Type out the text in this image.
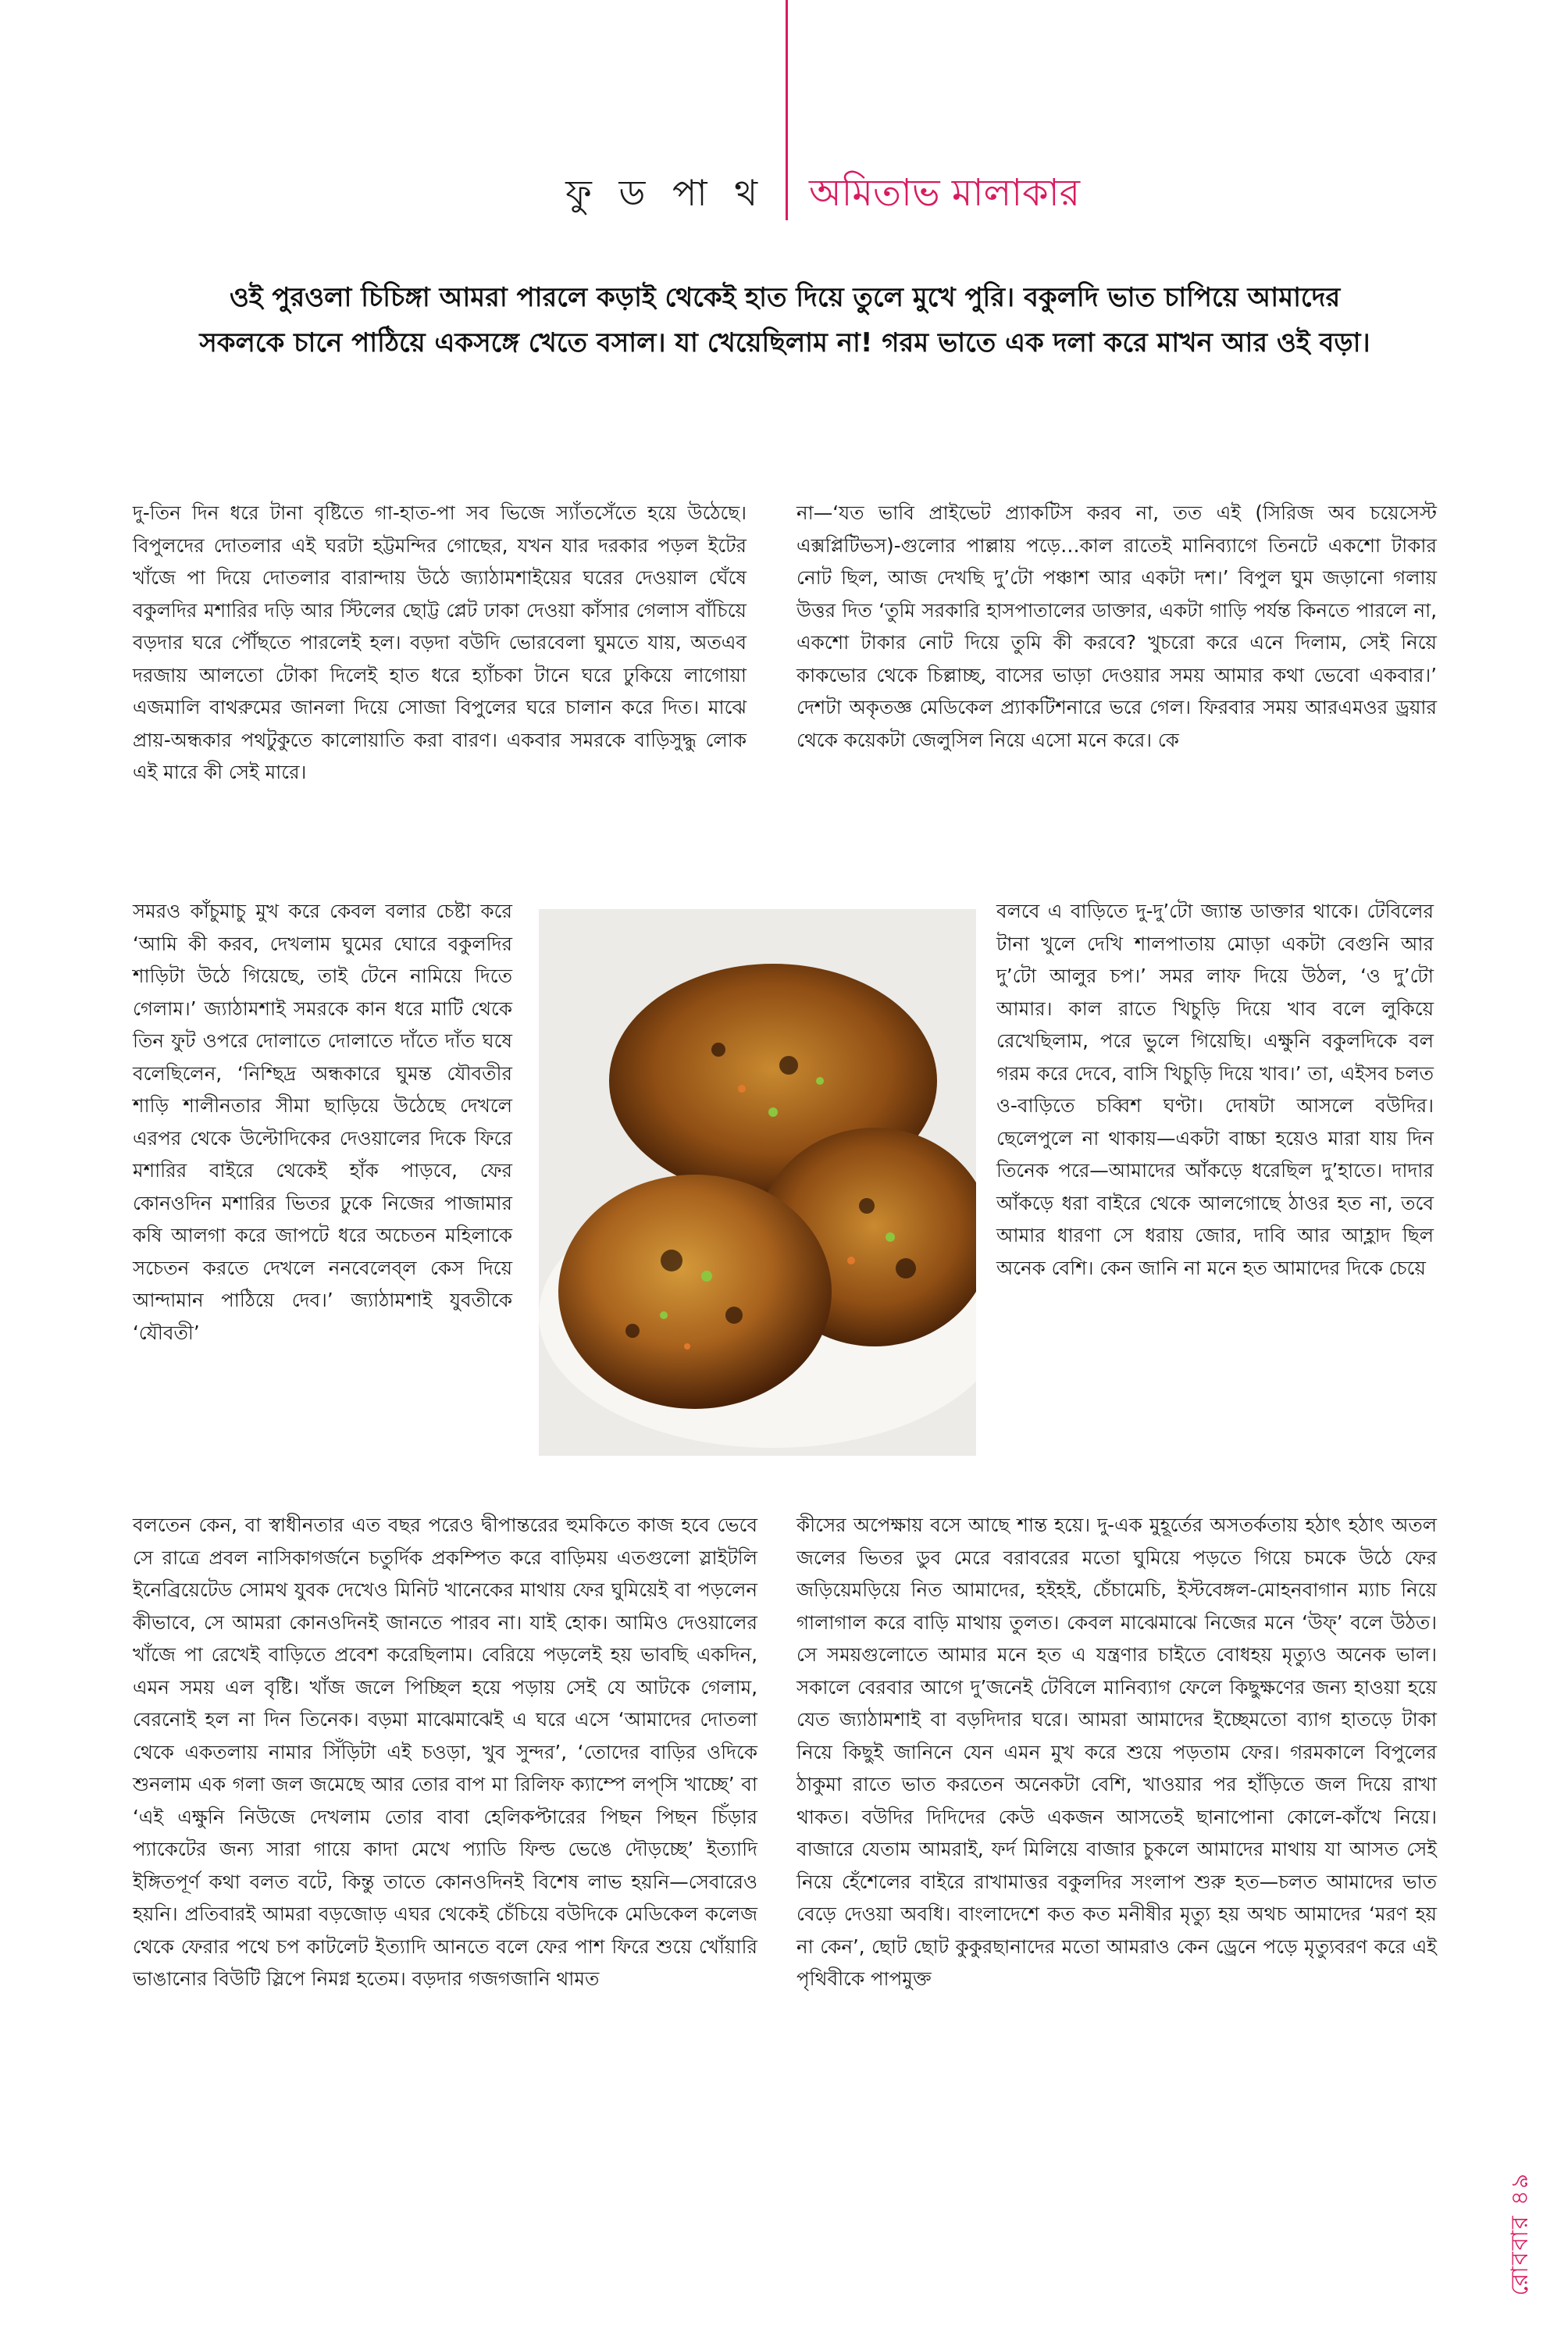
ফু ড পা থ অমিতাভ মালাকার
ওই পুরওলা চিচিঙ্গা আমরা পারলে কড়াই থেকেই হাত দিয়ে তুলে মুখে পুরি। বকুলদি ভাত চাপিয়ে আমাদের সকলকে চানে পাঠিয়ে একসঙ্গে খেতে বসাল। যা খেয়েছিলাম না! গরম ভাতে এক দলা করে মাখন আর ওই বড়া।

দু-তিন দিন ধরে টানা বৃষ্টিতে গা-হাত-পা সব ভিজে স্যাঁতসেঁতে হয়ে উঠেছে। বিপুলদের দোতলার এই ঘরটা হট্টমন্দির গোছের, যখন যার দরকার পড়ল ইটের খাঁজে পা দিয়ে দোতলার বারান্দায় উঠে জ্যাঠামশাইয়ের ঘরের দেওয়াল ঘেঁষে বকুলদির মশারির দড়ি আর স্টিলের ছোট্ট প্লেট ঢাকা দেওয়া কাঁসার গেলাস বাঁচিয়ে বড়দার ঘরে পৌঁছতে পারলেই হল। বড়দা বউদি ভোরবেলা ঘুমতে যায়, অতএব দরজায় আলতো টোকা দিলেই হাত ধরে হ্যাঁচকা টানে ঘরে ঢুকিয়ে লাগোয়া এজমালি বাথরুমের জানলা দিয়ে সোজা বিপুলের ঘরে চালান করে দিত। মাঝে প্রায়-অন্ধকার পথটুকুতে কালোয়াতি করা বারণ। একবার সমরকে বাড়িসুদ্ধু লোক এই মারে কী সেই মারে।

সমরও কাঁচুমাচু মুখ করে কেবল বলার চেষ্টা করে ‘আমি কী করব, দেখলাম ঘুমের ঘোরে বকুলদির শাড়িটা উঠে গিয়েছে, তাই টেনে নামিয়ে দিতে গেলাম।’ জ্যাঠামশাই সমরকে কান ধরে মাটি থেকে তিন ফুট ওপরে দোলাতে দোলাতে দাঁতে দাঁত ঘষে বলেছিলেন, ‘নিশ্ছিদ্র অন্ধকারে ঘুমন্ত যৌবতীর শাড়ি শালীনতার সীমা ছাড়িয়ে উঠেছে দেখলে এরপর থেকে উল্টোদিকের দেওয়ালের দিকে ফিরে মশারির বাইরে থেকেই হাঁক পাড়বে, ফের কোনওদিন মশারির ভিতর ঢুকে নিজের পাজামার কষি আলগা করে জাপটে ধরে অচেতন মহিলাকে সচেতন করতে দেখলে ননবেলেব্‌ল কেস দিয়ে আন্দামান পাঠিয়ে দেব।’ জ্যাঠামশাই যুবতীকে ‘যৌবতী’

বলতেন কেন, বা স্বাধীনতার এত বছর পরেও দ্বীপান্তরের হুমকিতে কাজ হবে ভেবে সে রাত্রে প্রবল নাসিকাগর্জনে চতুর্দিক প্রকম্পিত করে বাড়িময় এতগুলো স্লাইটলি ইনেব্রিয়েটেড সোমথ যুবক দেখেও মিনিট খানেকের মাথায় ফের ঘুমিয়েই বা পড়লেন কীভাবে, সে আমরা কোনওদিনই জানতে পারব না। যাই হোক। আমিও দেওয়ালের খাঁজে পা রেখেই বাড়িতে প্রবেশ করেছিলাম। বেরিয়ে পড়লেই হয় ভাবছি একদিন, এমন সময় এল বৃষ্টি। খাঁজ জলে পিচ্ছিল হয়ে পড়ায় সেই যে আটকে গেলাম, বেরনোই হল না দিন তিনেক। বড়মা মাঝেমাঝেই এ ঘরে এসে ‘আমাদের দোতলা থেকে একতলায় নামার সিঁড়িটা এই চওড়া, খুব সুন্দর’, ‘তোদের বাড়ির ওদিকে শুনলাম এক গলা জল জমেছে আর তোর বাপ মা রিলিফ ক্যাম্পে লপ্‌সি খাচ্ছে’ বা ‘এই এক্ষুনি নিউজে দেখলাম তোর বাবা হেলিকপ্টারের পিছন পিছন চিঁড়ার প্যাকেটের জন্য সারা গায়ে কাদা মেখে প্যাডি ফিল্ড ভেঙে দৌড়চ্ছে’ ইত্যাদি ইঙ্গিতপূর্ণ কথা বলত বটে, কিন্তু তাতে কোনওদিনই বিশেষ লাভ হয়নি—সেবারেও হয়নি। প্রতিবারই আমরা বড়জোড় এঘর থেকেই চেঁচিয়ে বউদিকে মেডিকেল কলেজ থেকে ফেরার পথে চপ কাটলেট ইত্যাদি আনতে বলে ফের পাশ ফিরে শুয়ে খোঁয়ারি ভাঙানোর বিউটি স্লিপে নিমগ্ন হতেম। বড়দার গজগজানি থামত

না—‘যত ভাবি প্রাইভেট প্র্যাকটিস করব না, তত এই (সিরিজ অব চয়েসেস্ট এক্সপ্লিটিভস)-গুলোর পাল্লায় পড়ে…কাল রাতেই মানিব্যাগে তিনটে একশো টাকার নোট ছিল, আজ দেখছি দু’টো পঞ্চাশ আর একটা দশ।’ বিপুল ঘুম জড়ানো গলায় উত্তর দিত ‘তুমি সরকারি হাসপাতালের ডাক্তার, একটা গাড়ি পর্যন্ত কিনতে পারলে না, একশো টাকার নোট দিয়ে তুমি কী করবে? খুচরো করে এনে দিলাম, সেই নিয়ে কাকভোর থেকে চিল্লাচ্ছ, বাসের ভাড়া দেওয়ার সময় আমার কথা ভেবো একবার।’ দেশটা অকৃতজ্ঞ মেডিকেল প্র্যাকটিশনারে ভরে গেল। ফিরবার সময় আরএমওর ড্রয়ার থেকে কয়েকটা জেলুসিল নিয়ে এসো মনে করে। কে

বলবে এ বাড়িতে দু-দু’টো জ্যান্ত ডাক্তার থাকে। টেবিলের টানা খুলে দেখি শালপাতায় মোড়া একটা বেগুনি আর দু’টো আলুর চপ।’ সমর লাফ দিয়ে উঠল, ‘ও দু’টো আমার। কাল রাতে খিচুড়ি দিয়ে খাব বলে লুকিয়ে রেখেছিলাম, পরে ভুলে গিয়েছি। এক্ষুনি বকুলদিকে বল গরম করে দেবে, বাসি খিচুড়ি দিয়ে খাব।’ তা, এইসব চলত ও-বাড়িতে চব্বিশ ঘণ্টা। দোষটা আসলে বউদির। ছেলেপুলে না থাকায়—একটা বাচ্চা হয়েও মারা যায় দিন তিনেক পরে—আমাদের আঁকড়ে ধরেছিল দু’হাতে। দাদার আঁকড়ে ধরা বাইরে থেকে আলগোছে ঠাওর হত না, তবে আমার ধারণা সে ধরায় জোর, দাবি আর আহ্লাদ ছিল অনেক বেশি। কেন জানি না মনে হত আমাদের দিকে চেয়ে

কীসের অপেক্ষায় বসে আছে শান্ত হয়ে। দু-এক মুহূর্তের অসতর্কতায় হঠাৎ হঠাৎ অতল জলের ভিতর ডুব মেরে বরাবরের মতো ঘুমিয়ে পড়তে গিয়ে চমকে উঠে ফের জড়িয়েমড়িয়ে নিত আমাদের, হইহই, চেঁচামেচি, ইস্টবেঙ্গল-মোহনবাগান ম্যাচ নিয়ে গালাগাল করে বাড়ি মাথায় তুলত। কেবল মাঝেমাঝে নিজের মনে ‘উফ্‌’ বলে উঠত। সে সময়গুলোতে আমার মনে হত এ যন্ত্রণার চাইতে বোধহয় মৃত্যুও অনেক ভাল। সকালে বেরবার আগে দু’জনেই টেবিলে মানিব্যাগ ফেলে কিছুক্ষণের জন্য হাওয়া হয়ে যেত জ্যাঠামশাই বা বড়দিদার ঘরে। আমরা আমাদের ইচ্ছেমতো ব্যাগ হাতড়ে টাকা নিয়ে কিছুই জানিনে যেন এমন মুখ করে শুয়ে পড়তাম ফের। গরমকালে বিপুলের ঠাকুমা রাতে ভাত করতেন অনেকটা বেশি, খাওয়ার পর হাঁড়িতে জল দিয়ে রাখা থাকত। বউদির দিদিদের কেউ একজন আসতেই ছানাপোনা কোলে-কাঁখে নিয়ে। বাজারে যেতাম আমরাই, ফর্দ মিলিয়ে বাজার চুকলে আমাদের মাথায় যা আসত সেই নিয়ে হেঁশেলের বাইরে রাখামাত্তর বকুলদির সংলাপ শুরু হত—চলত আমাদের ভাত বেড়ে দেওয়া অবধি। বাংলাদেশে কত কত মনীষীর মৃত্যু হয় অথচ আমাদের ‘মরণ হয় না কেন’, ছোট ছোট কুকুরছানাদের মতো আমরাও কেন ড্রেনে পড়ে মৃত্যুবরণ করে এই পৃথিবীকে পাপমুক্ত

রোববার ৪৯
